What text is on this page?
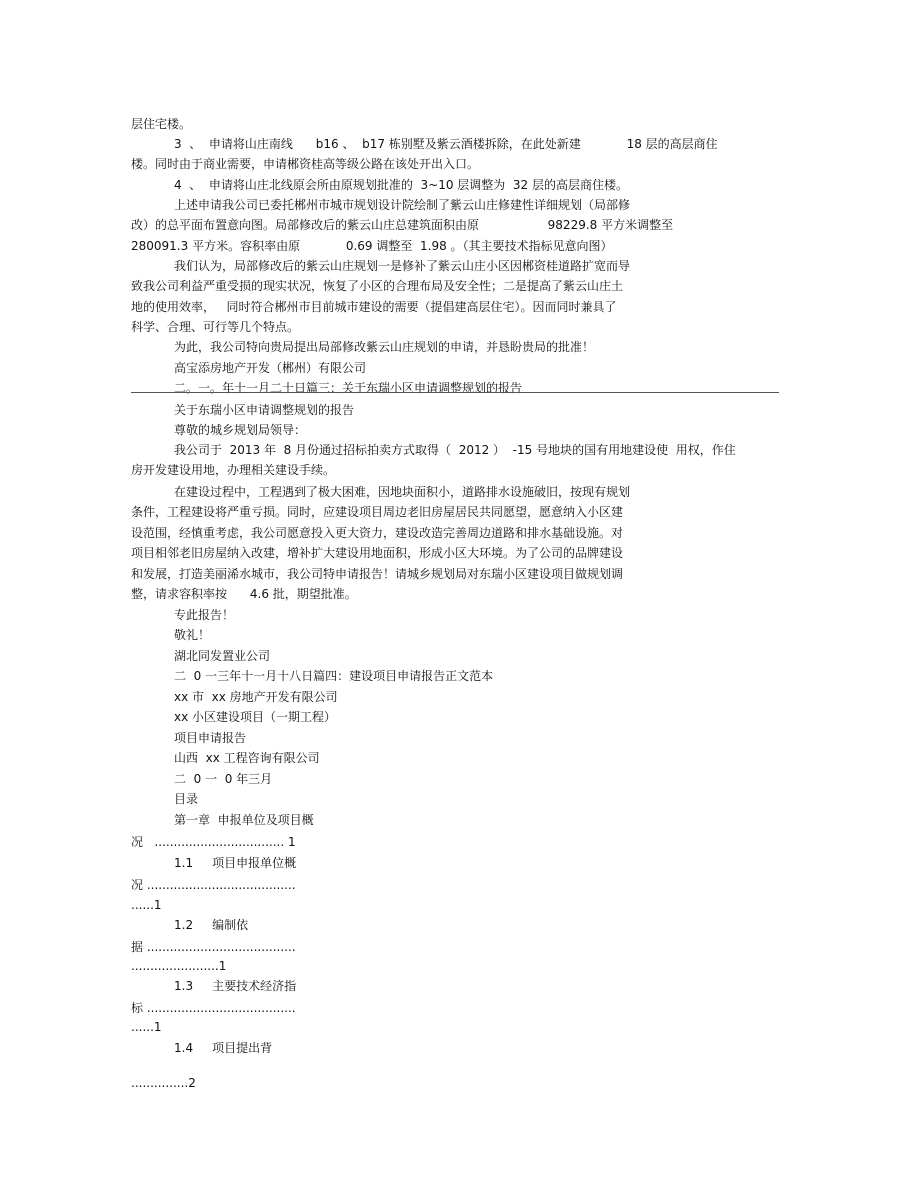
层住宅楼。
3  、  申请将山庄南线      b16 、  b17 栋别墅及紫云酒楼拆除，在此处新建            18 层的高层商住
楼。同时由于商业需要，申请郴资桂高等级公路在该处开出入口。
4  、  申请将山庄北线原会所由原规划批准的  3~10 层调整为  32 层的高层商住楼。
上述申请我公司已委托郴州市城市规划设计院绘制了紫云山庄修建性详细规划（局部修
改）的总平面布置意向图。局部修改后的紫云山庄总建筑面积由原                  98229.8 平方米调整至
280091.3 平方米。容积率由原            0.69 调整至  1.98 。（其主要技术指标见意向图）
我们认为，局部修改后的紫云山庄规划一是修补了紫云山庄小区因郴资桂道路扩宽而导
致我公司利益严重受损的现实状况，恢复了小区的合理布局及安全性；二是提高了紫云山庄土
地的使用效率，   同时符合郴州市目前城市建设的需要（提倡建高层住宅）。因而同时兼具了
科学、合理、可行等几个特点。
为此，我公司特向贵局提出局部修改紫云山庄规划的申请，并恳盼贵局的批准！
高宝添房地产开发（郴州）有限公司
二。一。年十一月二十日篇三：关于东瑞小区申请调整规划的报告
关于东瑞小区申请调整规划的报告
尊敬的城乡规划局领导：
我公司于  2013 年  8 月份通过招标拍卖方式取得（  2012 ）  -15 号地块的国有用地建设使  用权，作住
房开发建设用地，办理相关建设手续。
在建设过程中，工程遇到了极大困难，因地块面积小，道路排水设施破旧，按现有规划
条件，工程建设将严重亏损。同时，应建设项目周边老旧房屋居民共同愿望，愿意纳入小区建
设范围，经慎重考虑，我公司愿意投入更大资力，建设改造完善周边道路和排水基础设施。对
项目相邻老旧房屋纳入改建，增补扩大建设用地面积，形成小区大环境。为了公司的品牌建设
和发展，打造美丽浠水城市，我公司特申请报告！请城乡规划局对东瑞小区建设项目做规划调
整，请求容积率按      4.6 批，期望批准。
专此报告！
敬礼！
湖北同发置业公司
二  0 一三年十一月十八日篇四：建设项目申请报告正文范本
xx 市  xx 房地产开发有限公司
xx 小区建设项目（一期工程）
项目申请报告
山西  xx 工程咨询有限公司
二  0 一  0 年三月
目录
第一章  申报单位及项目概
况   .................................. 1
1.1     项目申报单位概
况 .......................................
......1
1.2     编制依
据 .......................................
.......................1
1.3     主要技术经济指
标 .......................................
......1
1.4     项目提出背
...............2
